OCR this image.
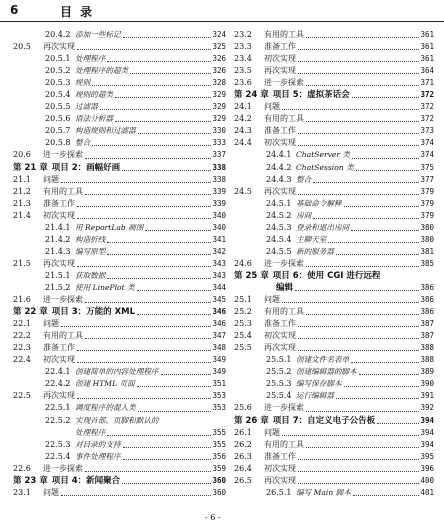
6	目录
20.4.2 添加一些标记	324
20.5	再次实现	325
20.5.1 处理程序	326
20.5.2 处理程序的超类	326
20.5.3 规则	328
20.5.4 规则的超类	329
20.5.5 过滤器	329
20.5.6 语法分析器	329
20.5.7 构造规则和过滤器	330
20.5.8 整合	333
20.6	进一步探索	337
第 21 章 项目 2：画幅好画	338
21.1	问题	338
21.2	有用的工具	339
21.3	准备工作	339
21.4	初次实现	340
21.4.1 用 ReportLab 画图	340
21.4.2 构造折线	341
21.4.3 编写原型	342
21.5	再次实现	343
21.5.1 获取数据	343
21.5.2 使用 LinePlot 类	344
21.6	进一步探索	345
第 22 章 项目 3：万能的 XML	346
22.1	问题	346
22.2	有用的工具	347
22.3	准备工作	348
22.4	初次实现	349
22.4.1 创建简单的内容处理程序	349
22.4.2 创建 HTML 页面	351
22.5	再次实现	353
22.5.1 调度程序的混入类	353
22.5.2 实现首部、页脚和默认的
处理程序	355
22.5.3 对目录的支持	355
22.5.4 事件处理程序	356
22.6	进一步探索	359
第 23 章 项目 4：新闻聚合	360
23.1	问题	360
23.2	有用的工具	361
23.3	准备工作	361
23.4	初次实现	361
23.5	再次实现	364
23.6	进一步探索	371
第 24 章 项目 5：虚拟茶话会	372
24.1	问题	372
24.2	有用的工具	372
24.3	准备工作	373
24.4	初次实现	374
24.4.1 ChatServer 类	374
24.4.2 ChatSession 类	375
24.4.3 整合	377
24.5	再次实现	379
24.5.1 基础命令解释	379
24.5.2 房间	379
24.5.3 登录和退出房间	380
24.5.4 主聊天室	380
24.5.5 新的服务器	381
24.6	进一步探索	385
第 25 章 项目 6：使用 CGI 进行远程
编辑	386
25.1	问题	386
25.2	有用的工具	386
25.3	准备工作	387
25.4	初次实现	387
25.5	再次实现	388
25.5.1 创建文件名表单	388
25.5.2 创建编辑器的脚本	389
25.5.3 编写保存脚本	390
25.5.4 运行编辑器	391
25.6	进一步探索	392
第 26 章 项目 7：自定义电子公告板	394
26.1	问题	394
26.2	有用的工具	394
26.3	准备工作	395
26.4	初次实现	396
26.5	再次实现	400
26.5.1 编写 Main 脚本	401
- 6 -
